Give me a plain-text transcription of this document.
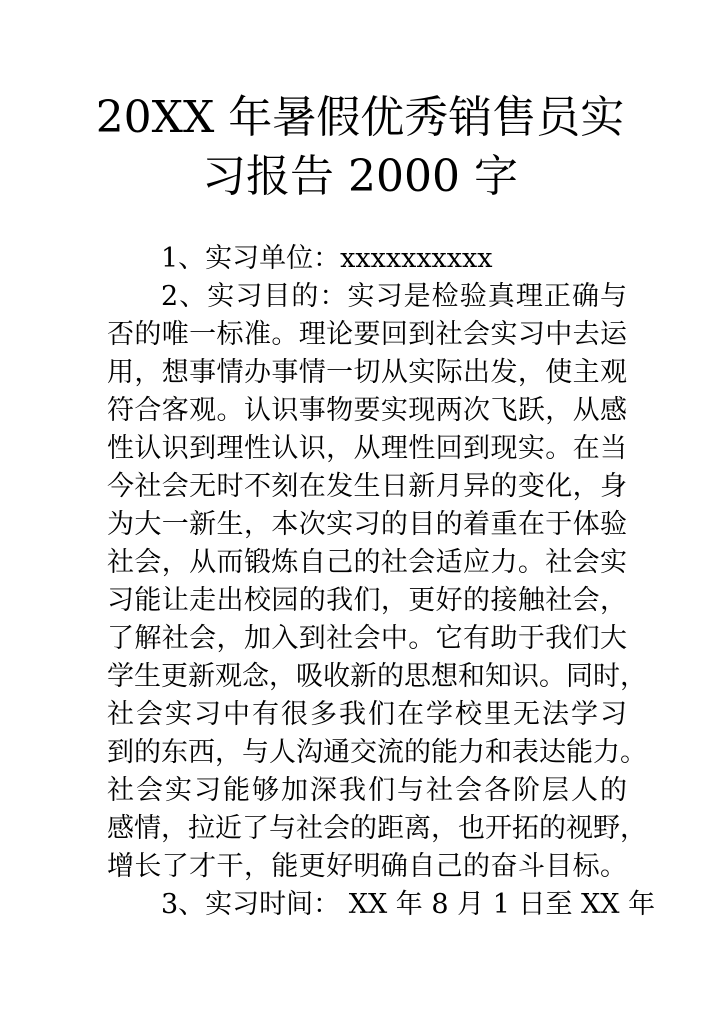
20XX 年暑假优秀销售员实
习报告 2000 字
1、实习单位：xxxxxxxxxx
2、实习目的：实习是检验真理正确与
否的唯一标准。理论要回到社会实习中去运
用，想事情办事情一切从实际出发，使主观
符合客观。认识事物要实现两次飞跃，从感
性认识到理性认识，从理性回到现实。在当
今社会无时不刻在发生日新月异的变化，身
为大一新生，本次实习的目的着重在于体验
社会，从而锻炼自己的社会适应力。社会实
习能让走出校园的我们，更好的接触社会，
了解社会，加入到社会中。它有助于我们大
学生更新观念，吸收新的思想和知识。同时，
社会实习中有很多我们在学校里无法学习
到的东西，与人沟通交流的能力和表达能力。
社会实习能够加深我们与社会各阶层人的
感情，拉近了与社会的距离，也开拓的视野，
增长了才干，能更好明确自己的奋斗目标。
3、实习时间： XX 年 8 月 1 日至 XX 年
